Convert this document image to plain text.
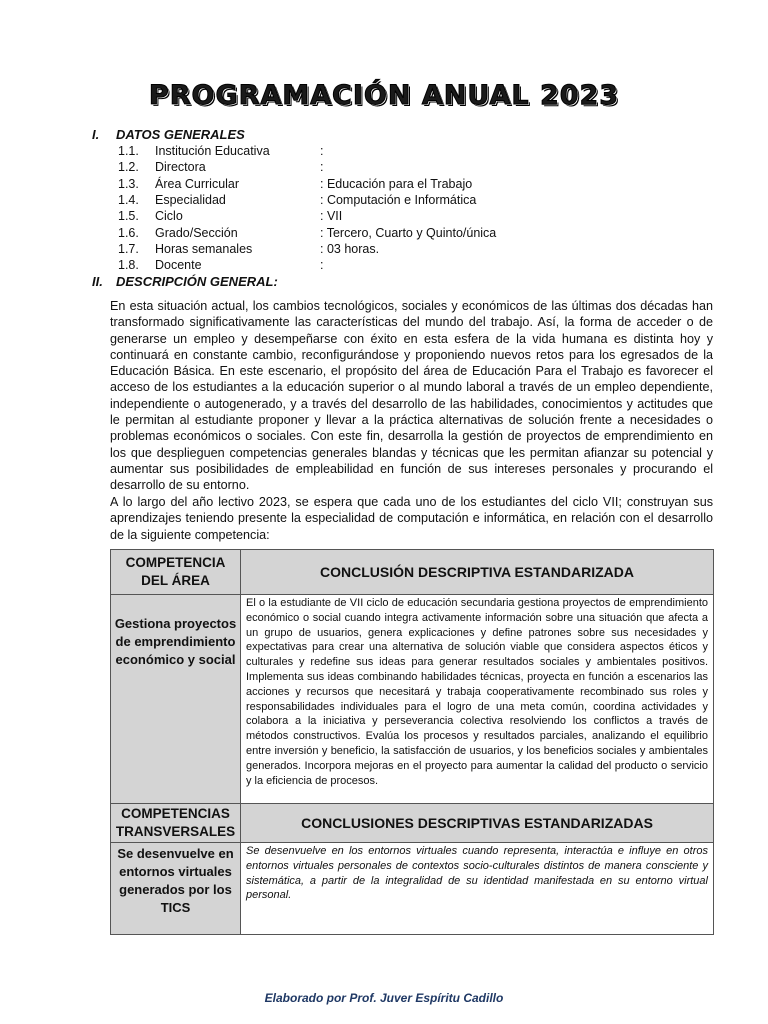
PROGRAMACIÓN ANUAL 2023
I. DATOS GENERALES
1.1.	Institución Educativa	:
1.2.	Directora	:
1.3.	Área Curricular	: Educación para el Trabajo
1.4.	Especialidad	: Computación e Informática
1.5.	Ciclo	: VII
1.6.	Grado/Sección	: Tercero, Cuarto y Quinto/única
1.7.	Horas semanales	: 03 horas.
1.8.	Docente	:
II. DESCRIPCIÓN GENERAL:

En esta situación actual, los cambios tecnológicos, sociales y económicos de las últimas dos décadas han transformado significativamente las características del mundo del trabajo. Así, la forma de acceder o de generarse un empleo y desempeñarse con éxito en esta esfera de la vida humana es distinta hoy y continuará en constante cambio, reconfigurándose y proponiendo nuevos retos para los egresados de la Educación Básica. En este escenario, el propósito del área de Educación Para el Trabajo es favorecer el acceso de los estudiantes a la educación superior o al mundo laboral a través de un empleo dependiente, independiente o autogenerado, y a través del desarrollo de las habilidades, conocimientos y actitudes que le permitan al estudiante proponer y llevar a la práctica alternativas de solución frente a necesidades o problemas económicos o sociales. Con este fin, desarrolla la gestión de proyectos de emprendimiento en los que desplieguen competencias generales blandas y técnicas que les permitan afianzar su potencial y aumentar sus posibilidades de empleabilidad en función de sus intereses personales y procurando el desarrollo de su entorno.

A lo largo del año lectivo 2023, se espera que cada uno de los estudiantes del ciclo VII; construyan sus aprendizajes teniendo presente la especialidad de computación e informática, en relación con el desarrollo de la siguiente competencia:

COMPETENCIA DEL ÁREA	CONCLUSIÓN DESCRIPTIVA ESTANDARIZADA
Gestiona proyectos de emprendimiento económico y social	El o la estudiante de VII ciclo de educación secundaria gestiona proyectos de emprendimiento económico o social cuando integra activamente información sobre una situación que afecta a un grupo de usuarios, genera explicaciones y define patrones sobre sus necesidades y expectativas para crear una alternativa de solución viable que considera aspectos éticos y culturales y redefine sus ideas para generar resultados sociales y ambientales positivos. Implementa sus ideas combinando habilidades técnicas, proyecta en función a escenarios las acciones y recursos que necesitará y trabaja cooperativamente recombinado sus roles y responsabilidades individuales para el logro de una meta común, coordina actividades y colabora a la iniciativa y perseverancia colectiva resolviendo los conflictos a través de métodos constructivos. Evalúa los procesos y resultados parciales, analizando el equilibrio entre inversión y beneficio, la satisfacción de usuarios, y los beneficios sociales y ambientales generados. Incorpora mejoras en el proyecto para aumentar la calidad del producto o servicio y la eficiencia de procesos.
COMPETENCIAS TRANSVERSALES	CONCLUSIONES DESCRIPTIVAS ESTANDARIZADAS
Se desenvuelve en entornos virtuales generados por los TICS	Se desenvuelve en los entornos virtuales cuando representa, interactúa e influye en otros entornos virtuales personales de contextos socio-culturales distintos de manera consciente y sistemática, a partir de la integralidad de su identidad manifestada en su entorno virtual personal.
Elaborado por Prof. Juver Espíritu Cadillo
